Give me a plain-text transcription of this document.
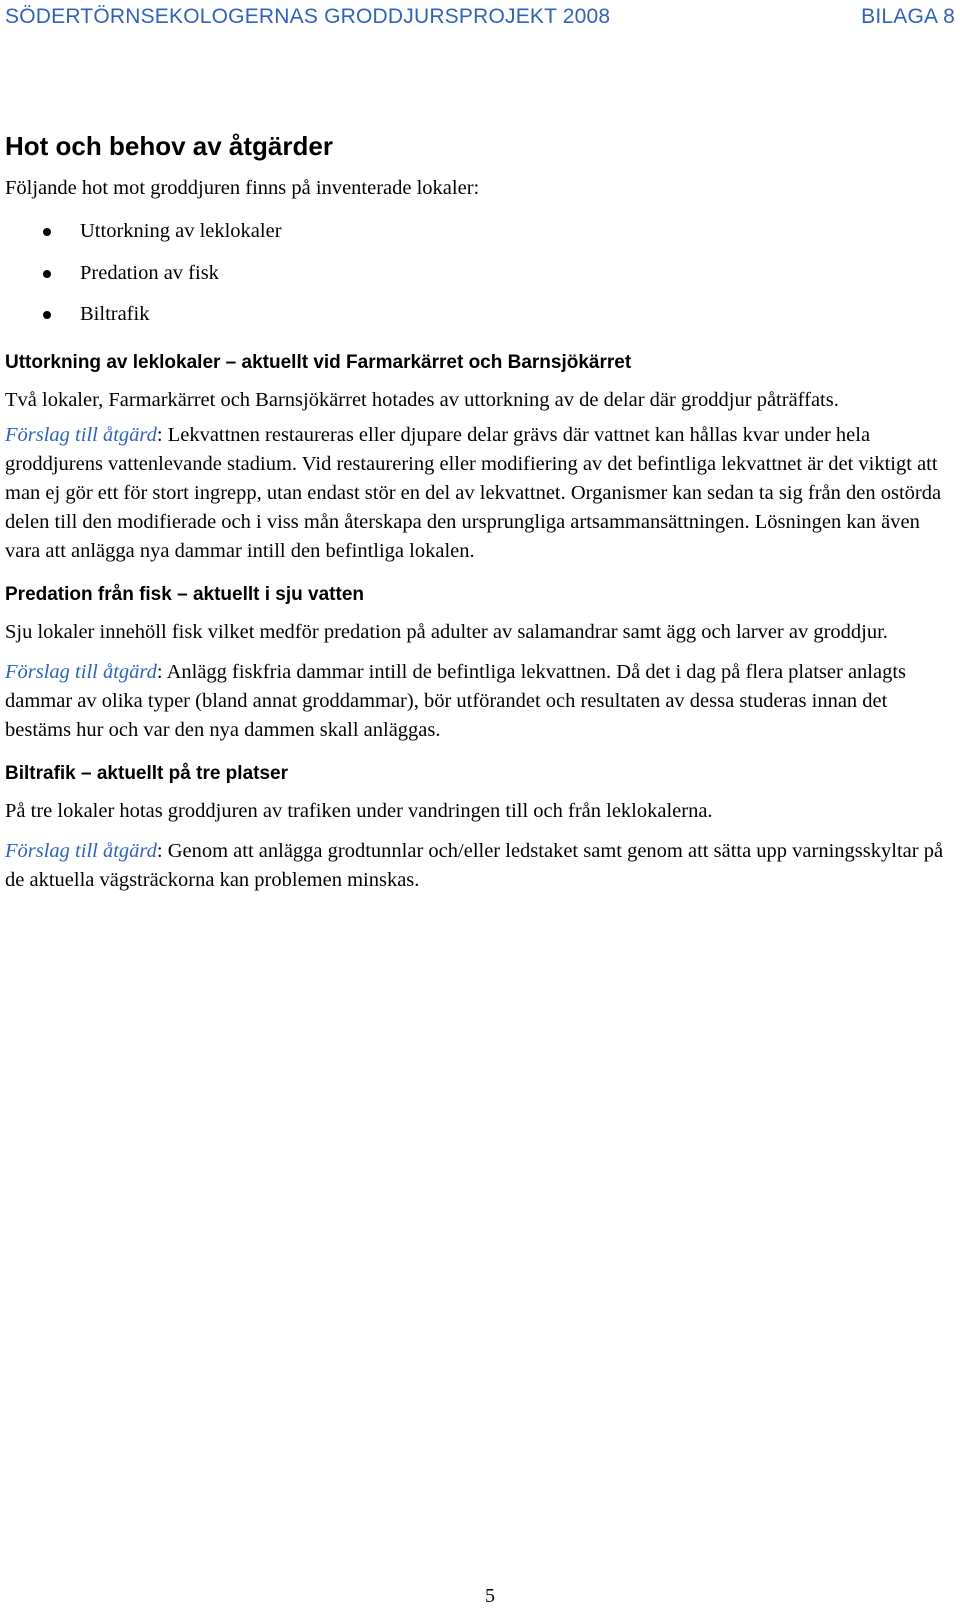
SÖDERTÖRNSEKOLOGERNAS GRODDJURSPROJEKT 2008	BILAGA 8
Hot och behov av åtgärder

Följande hot mot groddjuren finns på inventerade lokaler:

Uttorkning av leklokaler
Predation av fisk
Biltrafik
Uttorkning av leklokaler – aktuellt vid Farmarkärret och Barnsjökärret

Två lokaler, Farmarkärret och Barnsjökärret hotades av uttorkning av de delar där groddjur påträffats.

Förslag till åtgärd: Lekvattnen restaureras eller djupare delar grävs där vattnet kan hållas kvar under hela groddjurens vattenlevande stadium. Vid restaurering eller modifiering av det befintliga lekvattnet är det viktigt att man ej gör ett för stort ingrepp, utan endast stör en del av lekvattnet. Organismer kan sedan ta sig från den ostörda delen till den modifierade och i viss mån återskapa den ursprungliga artsammansättningen. Lösningen kan även vara att anlägga nya dammar intill den befintliga lokalen.

Predation från fisk – aktuellt i sju vatten

Sju lokaler innehöll fisk vilket medför predation på adulter av salamandrar samt ägg och larver av groddjur.

Förslag till åtgärd: Anlägg fiskfria dammar intill de befintliga lekvattnen. Då det i dag på flera platser anlagts dammar av olika typer (bland annat groddammar), bör utförandet och resultaten av dessa studeras innan det bestäms hur och var den nya dammen skall anläggas.

Biltrafik – aktuellt på tre platser

På tre lokaler hotas groddjuren av trafiken under vandringen till och från leklokalerna.

Förslag till åtgärd: Genom att anlägga grodtunnlar och/eller ledstaket samt genom att sätta upp varningsskyltar på de aktuella vägsträckorna kan problemen minskas.

5
